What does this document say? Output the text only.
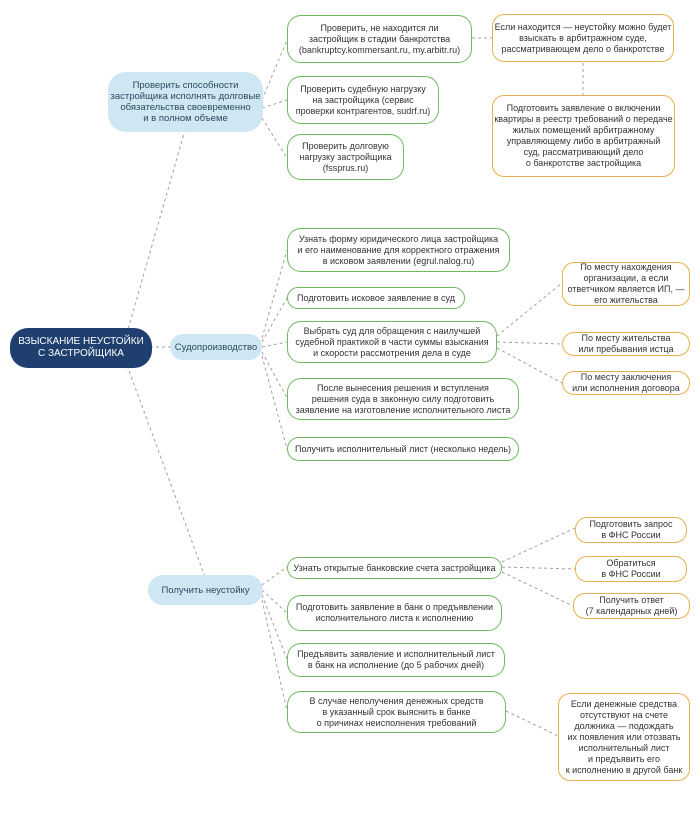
ВЗЫСКАНИЕ НЕУСТОЙКИ
С ЗАСТРОЙЩИКА
Проверить способности
застройщика исполнять долговые
обязательства своевременно
и в полном объеме
Судопроизводство
Получить неустойку
Проверить, не находится ли
застройщик в стадии банкротства
(bankruptcy.kommersant.ru, my.arbitr.ru)
Проверить судебную нагрузку
на застройщика (сервис
проверки контрагентов, sudrf.ru)
Проверить долговую
нагрузку застройщика
(fssprus.ru)
Если находится — неустойку можно будет
взыскать в арбитражном суде,
рассматривающем дело о банкротстве
Подготовить заявление о включении
квартиры в реестр требований о передаче
жилых помещений арбитражному
управляющему либо в арбитражный
суд, рассматривающий дело
о банкротстве застройщика
Узнать форму юридического лица застройщика
и его наименование для корректного отражения
в исковом заявлении (egrul.nalog.ru)
Подготовить исковое заявление в суд
Выбрать суд для обращения с наилучшей
судебной практикой в части суммы взыскания
и скорости рассмотрения дела в суде
После вынесения решения и вступления
решения суда в законную силу подготовить
заявление на изготовление исполнительного листа
Получить исполнительный лист (несколько недель)
По месту нахождения
организации, а если
ответчиком является ИП, —
его жительства
По месту жительства
или пребывания истца
По месту заключения
или исполнения договора
Узнать открытые банковские счета застройщика
Подготовить заявление в банк о предъявлении
исполнительного листа к исполнению
Предъявить заявление и исполнительный лист
в банк на исполнение (до 5 рабочих дней)
В случае неполучения денежных средств
в указанный срок выяснить в банке
о причинах неисполнения требований
Подготовить запрос
в ФНС России
Обратиться
в ФНС России
Получить ответ
(7 календарных дней)
Если денежные средства
отсутствуют на счете
должника — подождать
их появления или отозвать
исполнительный лист
и предъявить его
к исполнению в другой банк
